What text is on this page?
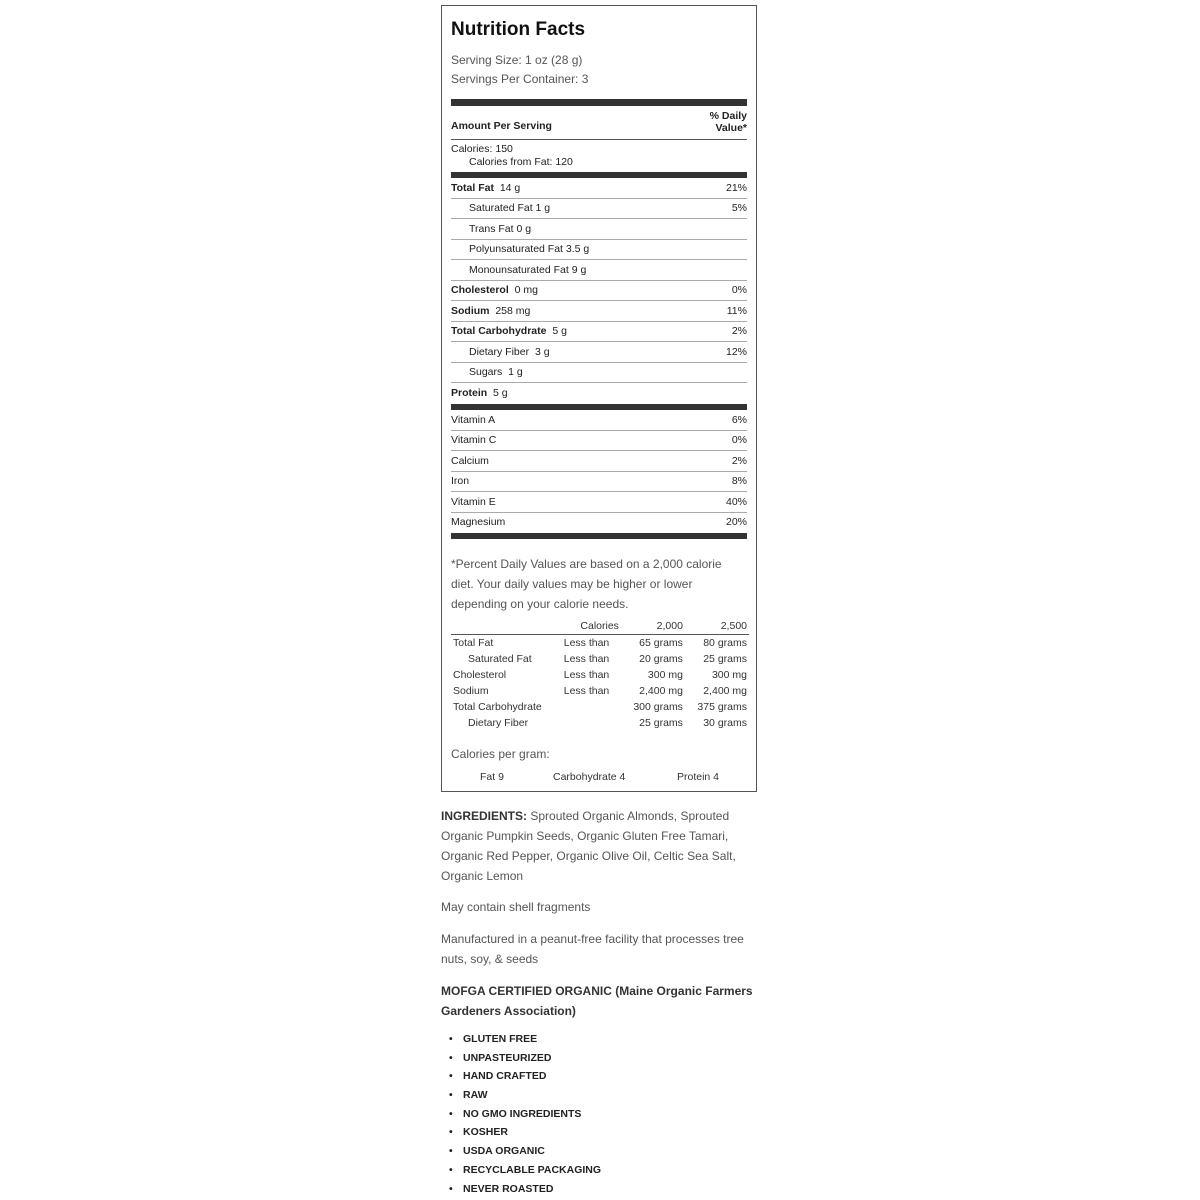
Nutrition Facts
Serving Size: 1 oz (28 g)
Servings Per Container: 3
Amount Per Serving
% Daily
Value*
Calories: 150
Calories from Fat: 120
Total Fat 14 g	21%
Saturated Fat 1 g	5%
Trans Fat 0 g
Polyunsaturated Fat 3.5 g
Monounsaturated Fat 9 g
Cholesterol 0 mg	0%
Sodium 258 mg	11%
Total Carbohydrate 5 g	2%
Dietary Fiber 3 g	12%
Sugars 1 g
Protein 5 g
Vitamin A	6%
Vitamin C	0%
Calcium	2%
Iron	8%
Vitamin E	40%
Magnesium	20%
*Percent Daily Values are based on a 2,000 calorie diet. Your daily values may be higher or lower depending on your calorie needs.
	Calories	2,000	2,500
Total Fat	Less than	65 grams	80 grams
Saturated Fat	Less than	20 grams	25 grams
Cholesterol	Less than	300 mg	300 mg
Sodium	Less than	2,400 mg	2,400 mg
Total Carbohydrate		300 grams	375 grams
Dietary Fiber		25 grams	30 grams
Calories per gram:
Fat 9	Carbohydrate 4	Protein 4

INGREDIENTS: Sprouted Organic Almonds, Sprouted Organic Pumpkin Seeds, Organic Gluten Free Tamari, Organic Red Pepper, Organic Olive Oil, Celtic Sea Salt, Organic Lemon

May contain shell fragments

Manufactured in a peanut-free facility that processes tree nuts, soy, & seeds

MOFGA CERTIFIED ORGANIC (Maine Organic Farmers Gardeners Association)

• GLUTEN FREE
• UNPASTEURIZED
• HAND CRAFTED
• RAW
• NO GMO INGREDIENTS
• KOSHER
• USDA ORGANIC
• RECYCLABLE PACKAGING
• NEVER ROASTED
